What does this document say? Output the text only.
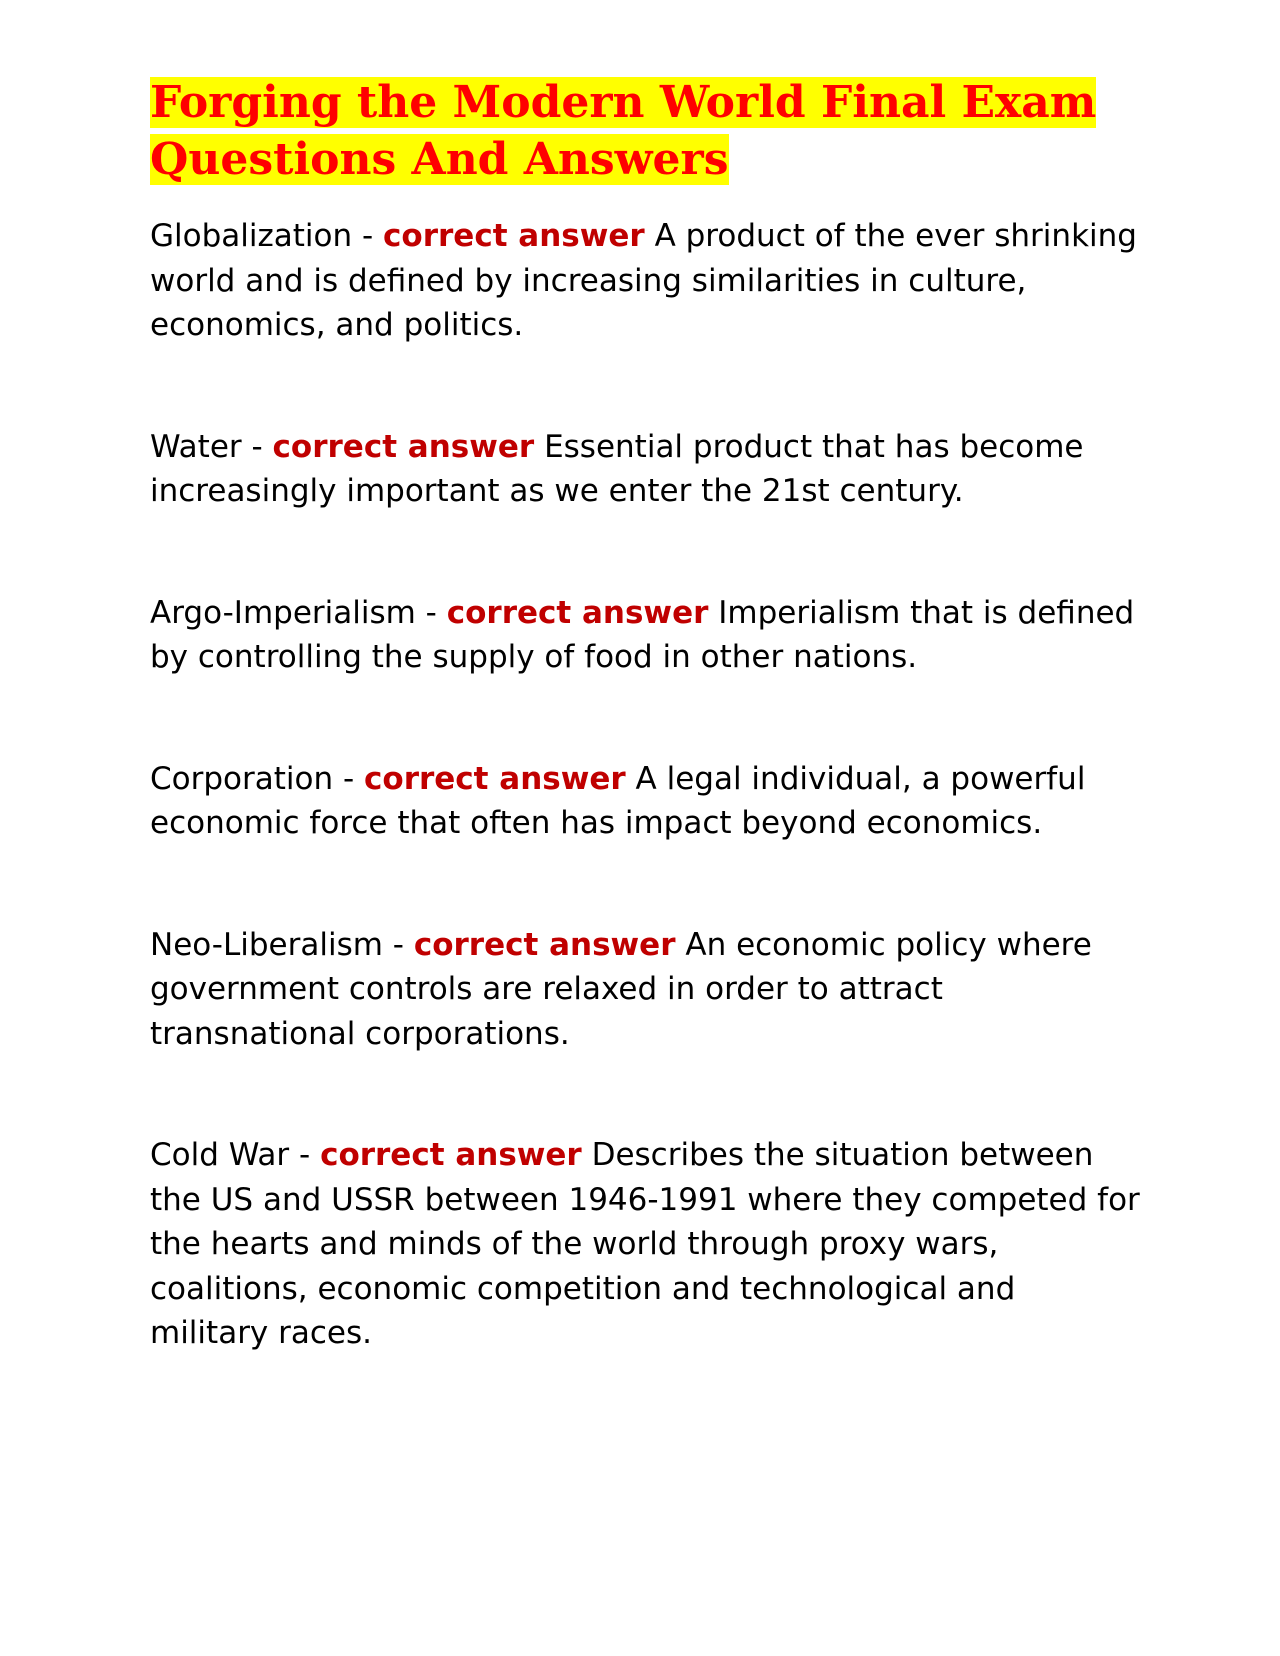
Forging the Modern World Final Exam
Questions And Answers

Globalization - correct answer A product of the ever shrinking world and is defined by increasing similarities in culture, economics, and politics.

Water - correct answer Essential product that has become increasingly important as we enter the 21st century.

Argo-Imperialism - correct answer Imperialism that is defined by controlling the supply of food in other nations.

Corporation - correct answer A legal individual, a powerful economic force that often has impact beyond economics.

Neo-Liberalism - correct answer An economic policy where government controls are relaxed in order to attract transnational corporations.

Cold War - correct answer Describes the situation between the US and USSR between 1946-1991 where they competed for the hearts and minds of the world through proxy wars, coalitions, economic competition and technological and military races.
